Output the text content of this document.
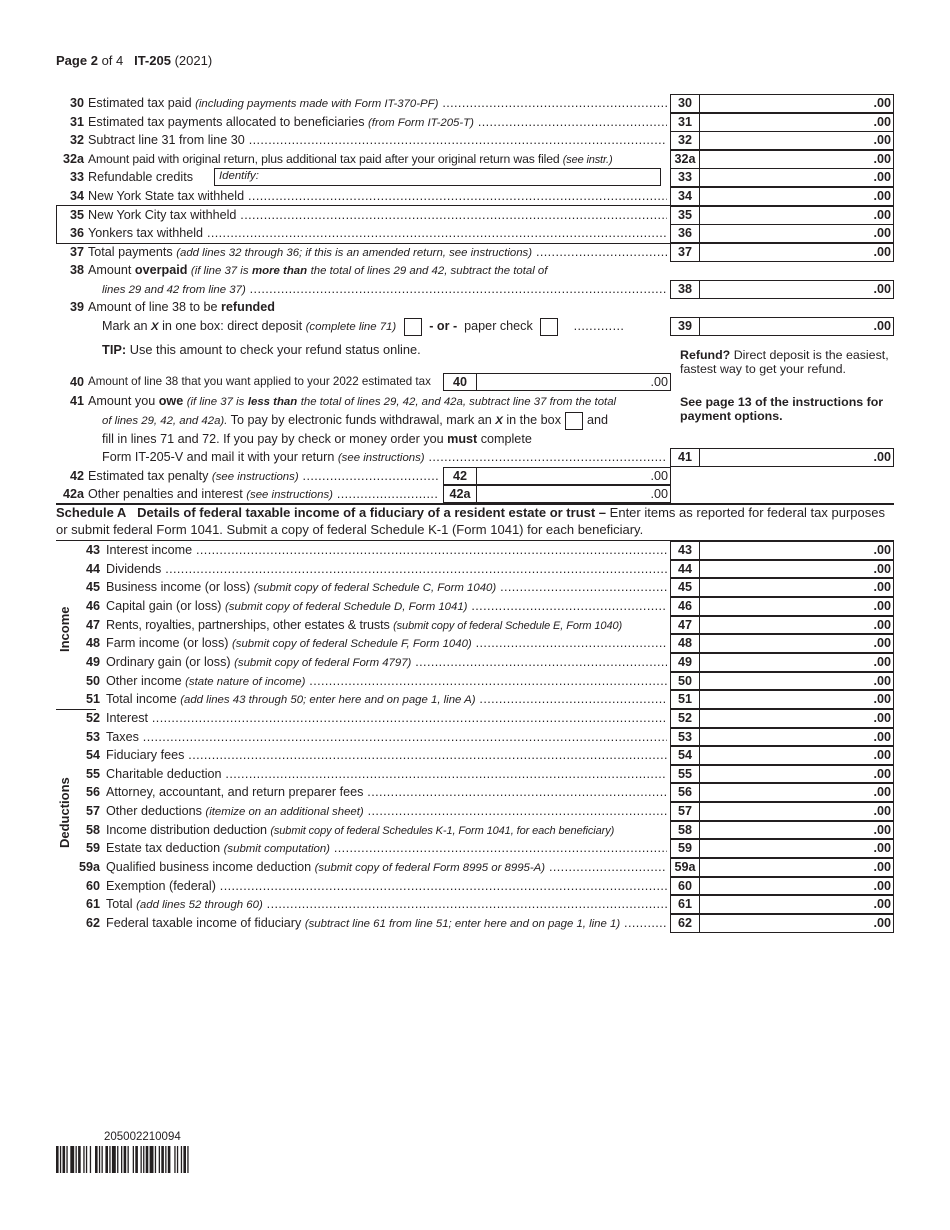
Page 2 of 4 IT-205 (2021)
30 Estimated tax paid (including payments made with Form IT-370-PF) .....	30	.00
31 Estimated tax payments allocated to beneficiaries (from Form IT-205-T) .....	31	.00
32 Subtract line 31 from line 30 .....	32	.00
32a Amount paid with original return, plus additional tax paid after your original return was filed (see instr.)	32a	.00
33 Refundable credits	Identify:	33	.00
34 New York State tax withheld .....	34	.00
35 New York City tax withheld .....	35	.00
36 Yonkers tax withheld .....	36	.00
37 Total payments (add lines 32 through 36; if this is an amended return, see instructions) .....	37	.00
38 Amount overpaid (if line 37 is more than the total of lines 29 and 42, subtract the total of
lines 29 and 42 from line 37) .....	38	.00
39 Amount of line 38 to be refunded
Mark an X in one box: direct deposit (complete line 71)	- or - paper check	.............	39	.00
TIP: Use this amount to check your refund status online.	Refund? Direct deposit is the easiest, fastest way to get your refund.
See page 13 of the instructions for payment options.
40 Amount of line 38 that you want applied to your 2022 estimated tax	40	.00
41 Amount you owe (if line 37 is less than the total of lines 29, 42, and 42a, subtract line 37 from the total
of lines 29, 42, and 42a). To pay by electronic funds withdrawal, mark an X in the box and
fill in lines 71 and 72. If you pay by check or money order you must complete
Form IT-205-V and mail it with your return (see instructions) .....	41	.00
42 Estimated tax penalty (see instructions) .....	42	.00
42a Other penalties and interest (see instructions) .....	42a	.00
Schedule A Details of federal taxable income of a fiduciary of a resident estate or trust – Enter items as reported for federal tax purposes or submit federal Form 1041. Submit a copy of federal Schedule K-1 (Form 1041) for each beneficiary.
43 Interest income .....	43	.00
44 Dividends .....	44	.00
45 Business income (or loss) (submit copy of federal Schedule C, Form 1040) .....	45	.00
46 Capital gain (or loss) (submit copy of federal Schedule D, Form 1041) .....	46	.00
47 Rents, royalties, partnerships, other estates & trusts (submit copy of federal Schedule E, Form 1040)	47	.00
48 Farm income (or loss) (submit copy of federal Schedule F, Form 1040) .....	48	.00
49 Ordinary gain (or loss) (submit copy of federal Form 4797) .....	49	.00
50 Other income (state nature of income) .....	50	.00
51 Total income (add lines 43 through 50; enter here and on page 1, line A) .....	51	.00
52 Interest .....	52	.00
53 Taxes .....	53	.00
54 Fiduciary fees .....	54	.00
55 Charitable deduction .....	55	.00
56 Attorney, accountant, and return preparer fees .....	56	.00
57 Other deductions (itemize on an additional sheet) .....	57	.00
58 Income distribution deduction (submit copy of federal Schedules K-1, Form 1041, for each beneficiary)	58	.00
59 Estate tax deduction (submit computation) .....	59	.00
59a Qualified business income deduction (submit copy of federal Form 8995 or 8995-A) .....	59a	.00
60 Exemption (federal) .....	60	.00
61 Total (add lines 52 through 60) .....	61	.00
62 Federal taxable income of fiduciary (subtract line 61 from line 51; enter here and on page 1, line 1) .....	62	.00
Income
Deductions
205002210094
